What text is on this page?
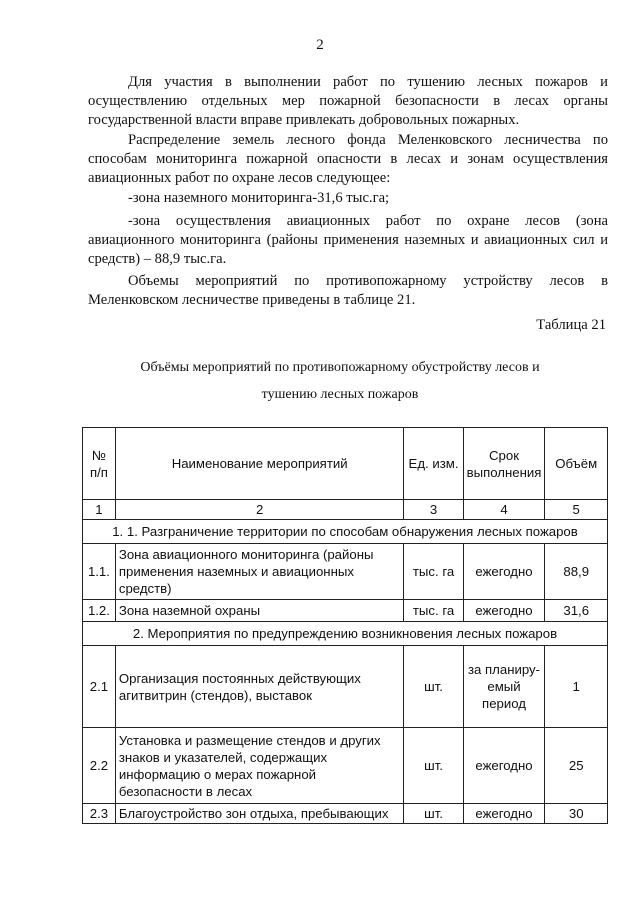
2

Для участия в выполнении работ по тушению лесных пожаров и осуществлению отдельных мер пожарной безопасности в лесах органы государственной власти вправе привлекать добровольных пожарных.

Распределение земель лесного фонда Меленковского лесничества по способам мониторинга пожарной опасности в лесах и зонам осуществления авиационных работ по охране лесов следующее:

-зона наземного мониторинга-31,6 тыс.га;

-зона осуществления авиационных работ по охране лесов (зона авиационного мониторинга (районы применения наземных и авиационных сил и средств) – 88,9 тыс.га.

Объемы мероприятий по противопожарному устройству лесов в Меленковском лесничестве приведены в таблице 21.

Таблица 21
Объёмы мероприятий по противопожарному обустройству лесов и
тушению лесных пожаров
№ п/п	Наименование мероприятий	Ед. изм.	Срок выполнения	Объём
1	2	3	4	5
1. 1. Разграничение территории по способам обнаружения лесных пожаров				
1.1.	Зона авиационного мониторинга (районы применения наземных и авиационных средств)	тыс. га	ежегодно	88,9
1.2.	Зона наземной охраны	тыс. га	ежегодно	31,6
2. Мероприятия по предупреждению возникновения лесных пожаров				
2.1	Организация постоянных действующих агитвитрин (стендов), выставок	шт.	за планиру-емый период	1
2.2	Установка и размещение стендов и других знаков и указателей, содержащих информацию о мерах пожарной безопасности в лесах	шт.	ежегодно	25
2.3	Благоустройство зон отдыха, пребывающих	шт.	ежегодно	30
